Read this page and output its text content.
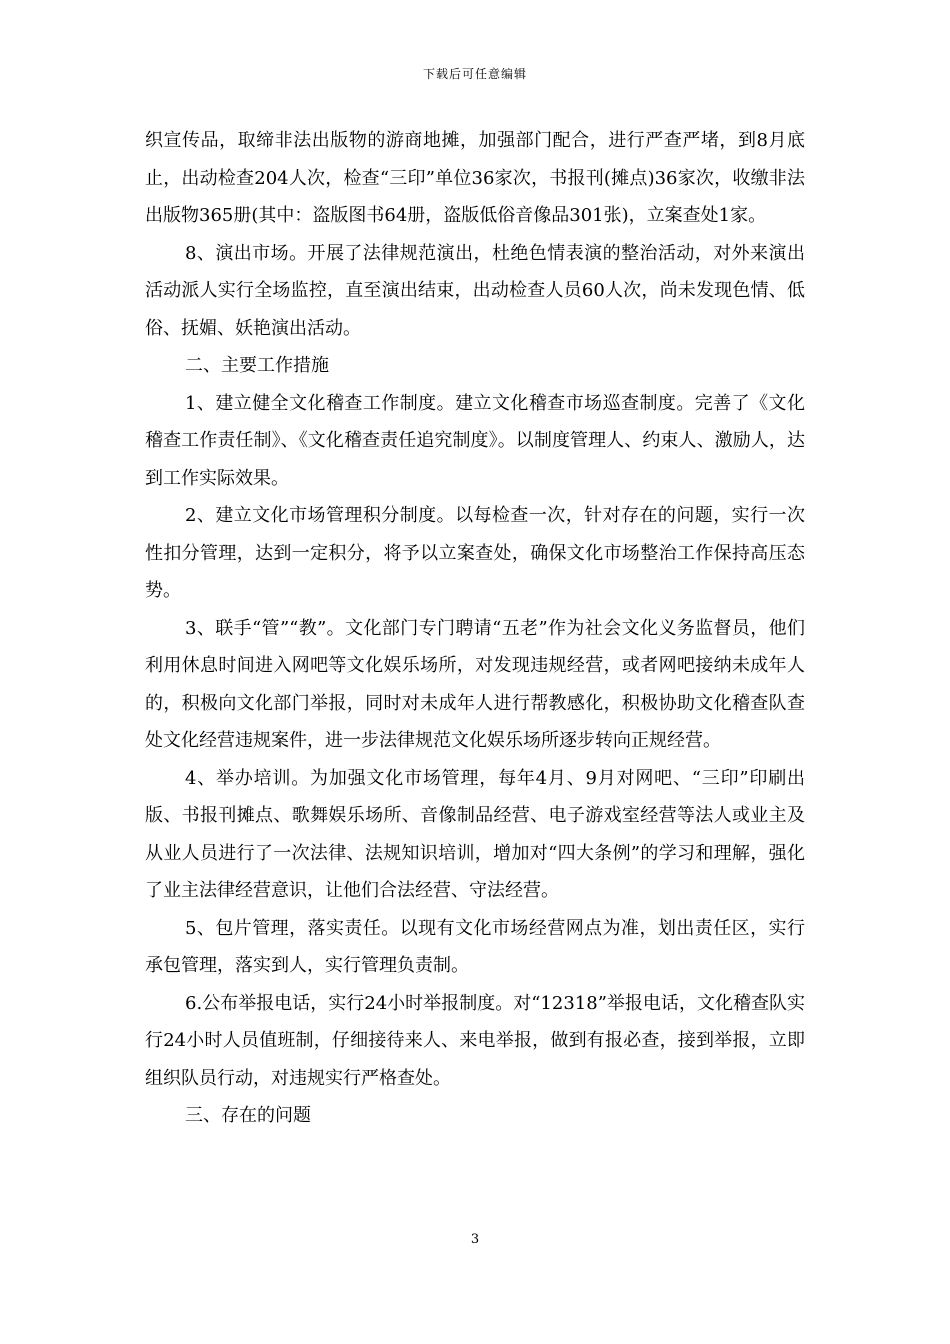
下载后可任意编辑

织宣传品，取缔非法出版物的游商地摊，加强部门配合，进行严查严堵，到8月底止，出动检查204人次，检查“三印”单位36家次，书报刊(摊点)36家次，收缴非法出版物365册(其中：盗版图书64册，盗版低俗音像品301张)，立案查处1家。

8、演出市场。开展了法律规范演出，杜绝色情表演的整治活动，对外来演出活动派人实行全场监控，直至演出结束，出动检查人员60人次，尚未发现色情、低俗、抚媚、妖艳演出活动。

二、主要工作措施

1、建立健全文化稽查工作制度。建立文化稽查市场巡查制度。完善了《文化稽查工作责任制》、《文化稽查责任追究制度》。以制度管理人、约束人、激励人，达到工作实际效果。

2、建立文化市场管理积分制度。以每检查一次，针对存在的问题，实行一次性扣分管理，达到一定积分，将予以立案查处，确保文化市场整治工作保持高压态势。

3、联手“管”“教”。文化部门专门聘请“五老”作为社会文化义务监督员，他们利用休息时间进入网吧等文化娱乐场所，对发现违规经营，或者网吧接纳未成年人的，积极向文化部门举报，同时对未成年人进行帮教感化，积极协助文化稽查队查处文化经营违规案件，进一步法律规范文化娱乐场所逐步转向正规经营。

4、举办培训。为加强文化市场管理，每年4月、9月对网吧、“三印”印刷出版、书报刊摊点、歌舞娱乐场所、音像制品经营、电子游戏室经营等法人或业主及从业人员进行了一次法律、法规知识培训，增加对“四大条例”的学习和理解，强化了业主法律经营意识，让他们合法经营、守法经营。

5、包片管理，落实责任。以现有文化市场经营网点为准，划出责任区，实行承包管理，落实到人，实行管理负责制。

6.公布举报电话，实行24小时举报制度。对“12318”举报电话，文化稽查队实行24小时人员值班制，仔细接待来人、来电举报，做到有报必查，接到举报，立即组织队员行动，对违规实行严格查处。

三、存在的问题

3
